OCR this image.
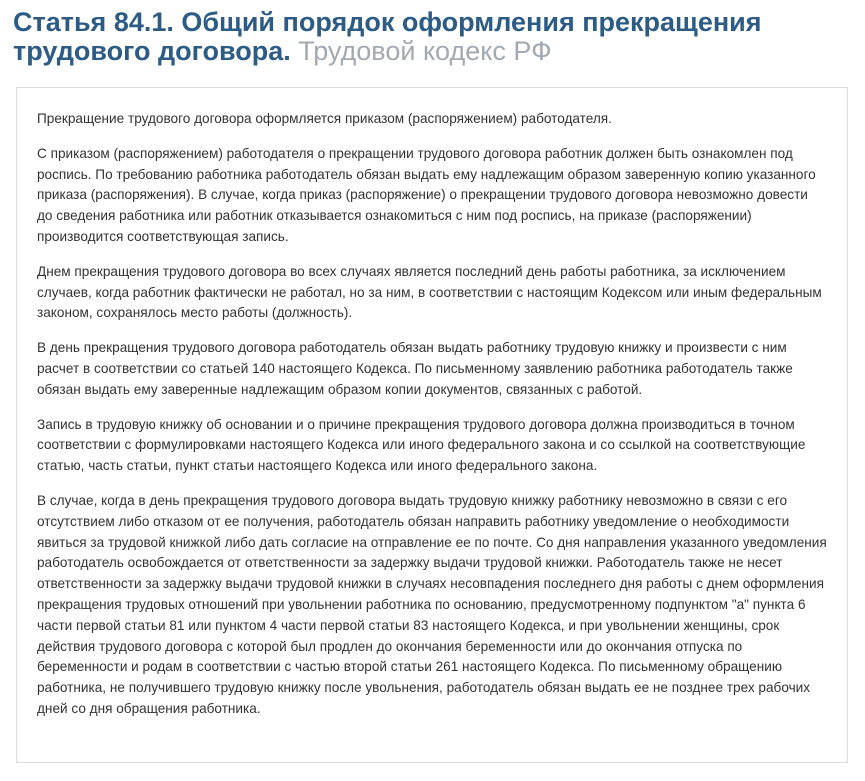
Статья 84.1. Общий порядок оформления прекращения трудового договора. Трудовой кодекс РФ

Прекращение трудового договора оформляется приказом (распоряжением) работодателя.

С приказом (распоряжением) работодателя о прекращении трудового договора работник должен быть ознакомлен под роспись. По требованию работника работодатель обязан выдать ему надлежащим образом заверенную копию указанного приказа (распоряжения). В случае, когда приказ (распоряжение) о прекращении трудового договора невозможно довести до сведения работника или работник отказывается ознакомиться с ним под роспись, на приказе (распоряжении) производится соответствующая запись.

Днем прекращения трудового договора во всех случаях является последний день работы работника, за исключением случаев, когда работник фактически не работал, но за ним, в соответствии с настоящим Кодексом или иным федеральным законом, сохранялось место работы (должность).

В день прекращения трудового договора работодатель обязан выдать работнику трудовую книжку и произвести с ним расчет в соответствии со статьей 140 настоящего Кодекса. По письменному заявлению работника работодатель также обязан выдать ему заверенные надлежащим образом копии документов, связанных с работой.

Запись в трудовую книжку об основании и о причине прекращения трудового договора должна производиться в точном соответствии с формулировками настоящего Кодекса или иного федерального закона и со ссылкой на соответствующие статью, часть статьи, пункт статьи настоящего Кодекса или иного федерального закона.

В случае, когда в день прекращения трудового договора выдать трудовую книжку работнику невозможно в связи с его отсутствием либо отказом от ее получения, работодатель обязан направить работнику уведомление о необходимости явиться за трудовой книжкой либо дать согласие на отправление ее по почте. Со дня направления указанного уведомления работодатель освобождается от ответственности за задержку выдачи трудовой книжки. Работодатель также не несет ответственности за задержку выдачи трудовой книжки в случаях несовпадения последнего дня работы с днем оформления прекращения трудовых отношений при увольнении работника по основанию, предусмотренному подпунктом "а" пункта 6 части первой статьи 81 или пунктом 4 части первой статьи 83 настоящего Кодекса, и при увольнении женщины, срок действия трудового договора с которой был продлен до окончания беременности или до окончания отпуска по беременности и родам в соответствии с частью второй статьи 261 настоящего Кодекса. По письменному обращению работника, не получившего трудовую книжку после увольнения, работодатель обязан выдать ее не позднее трех рабочих дней со дня обращения работника.
